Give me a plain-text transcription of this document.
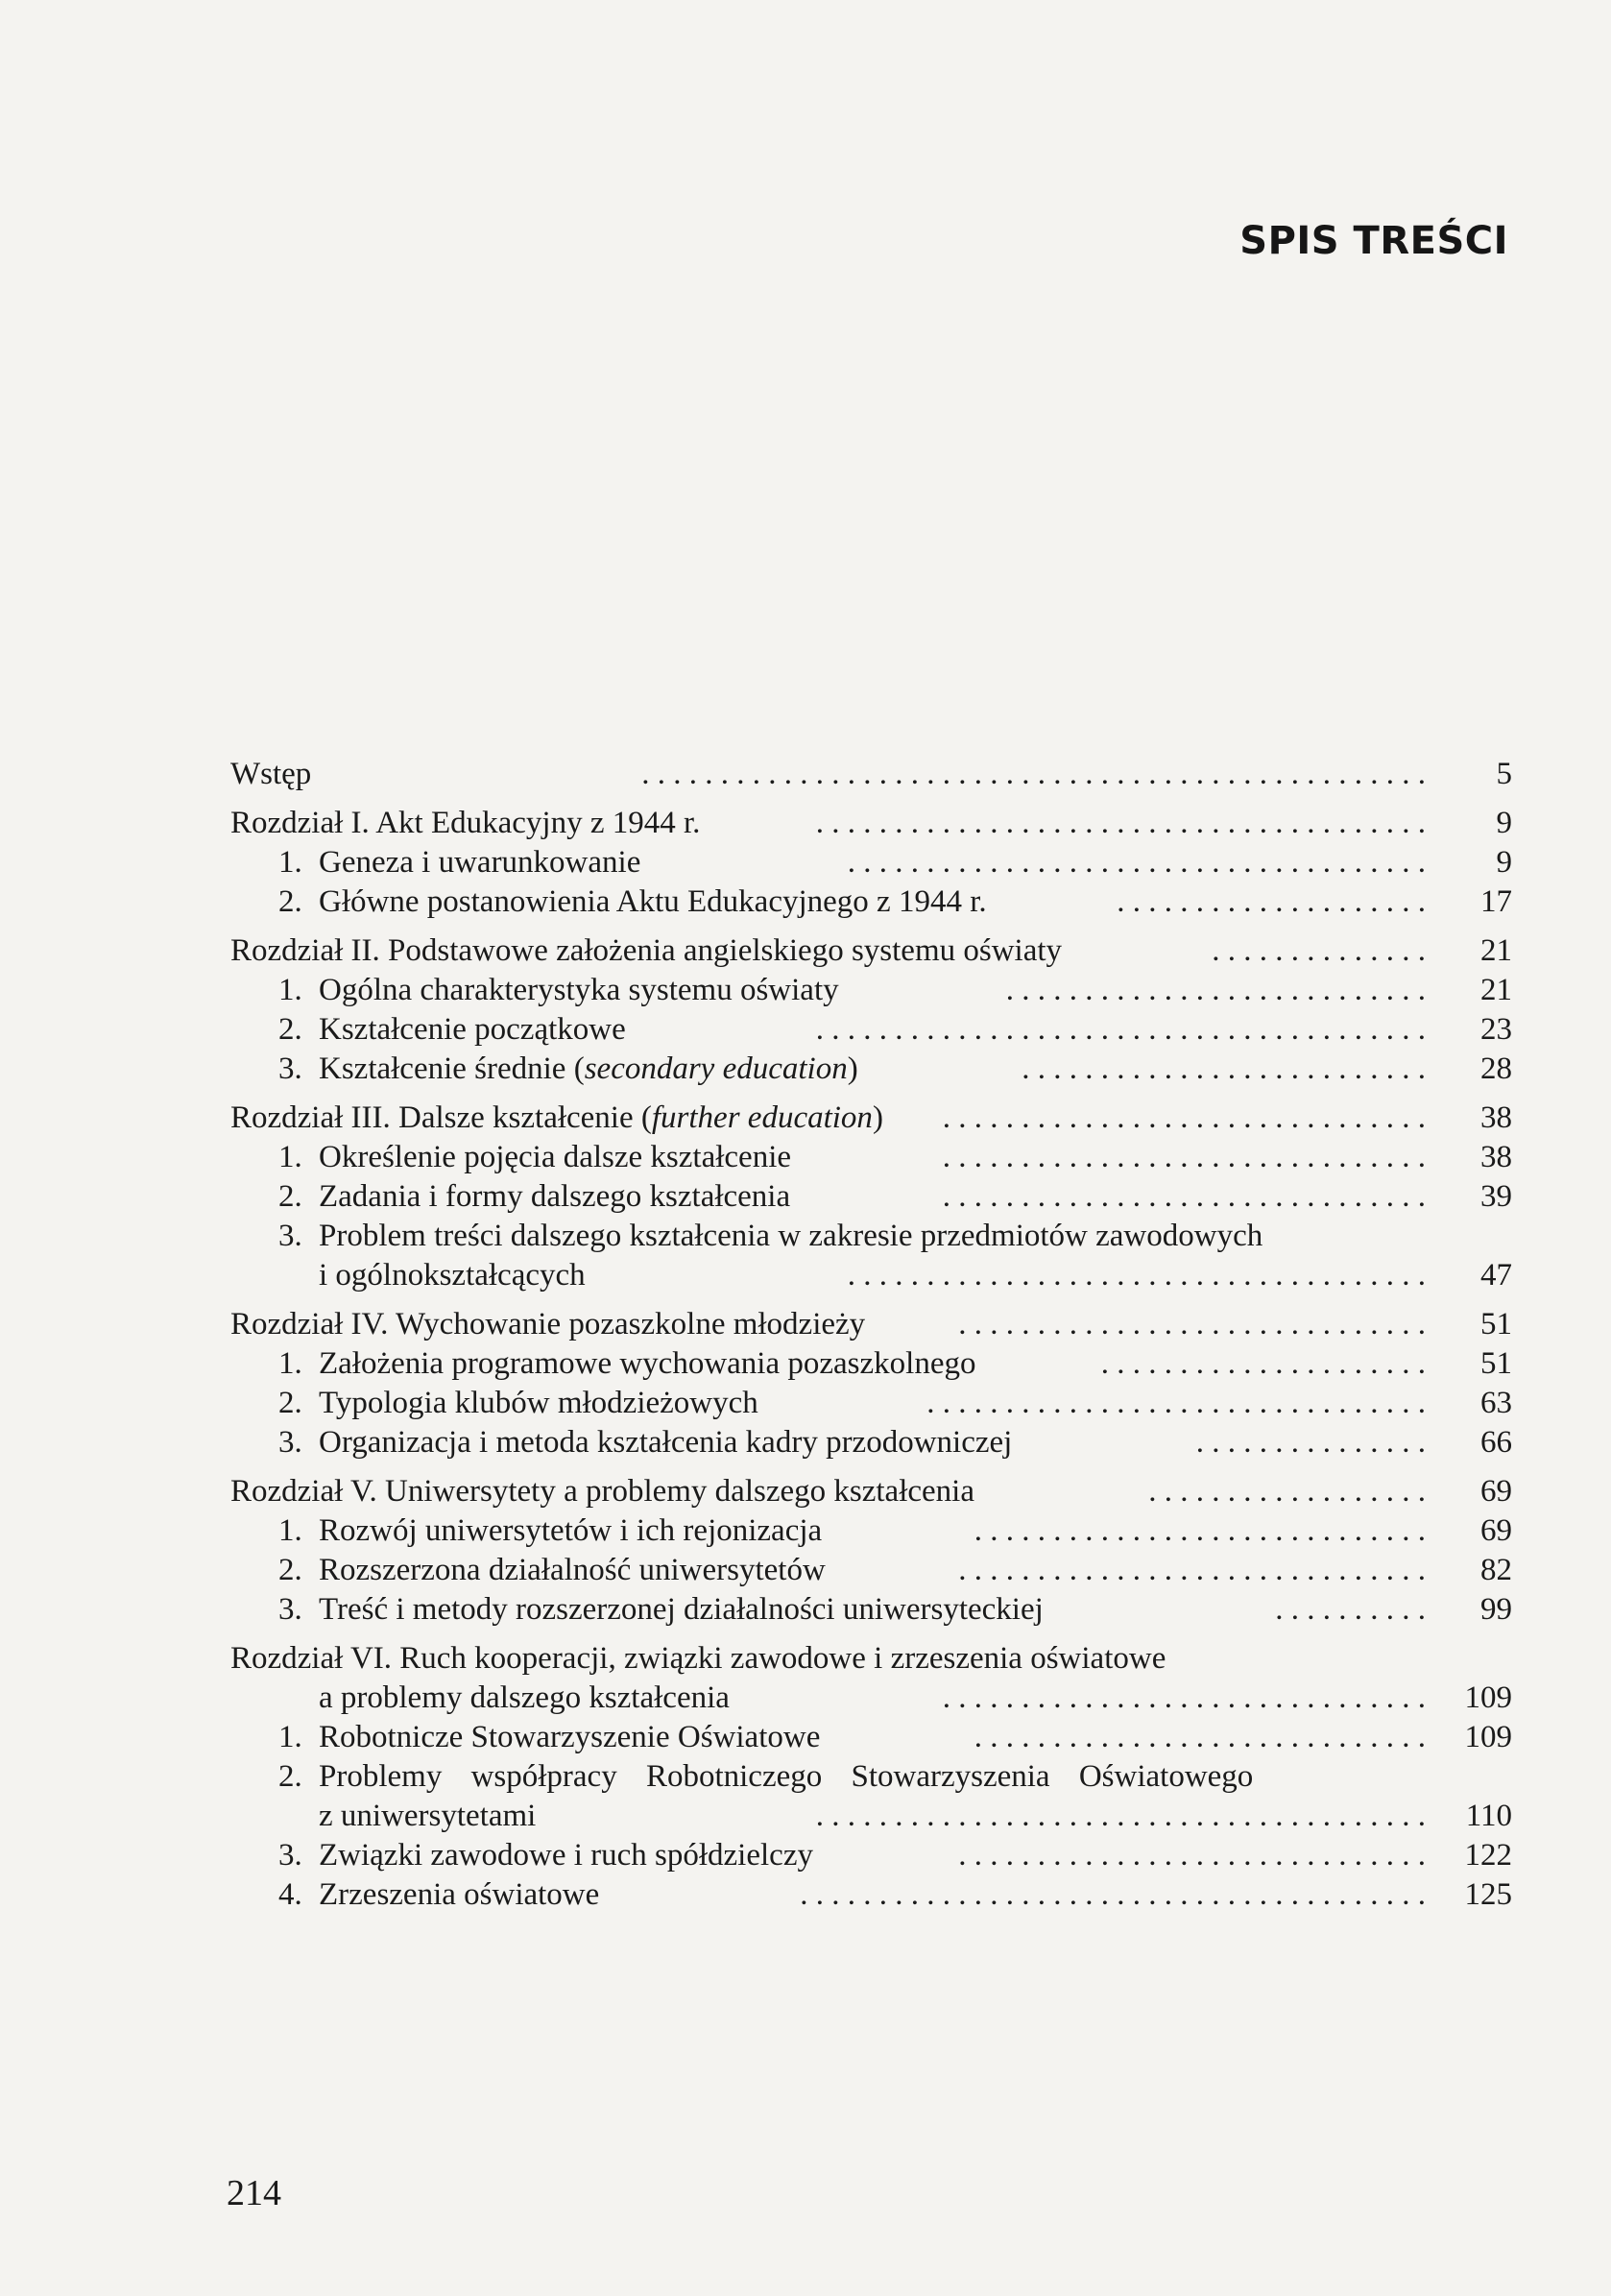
SPIS TREŚCI
Wstęp	. . . . . . . . . . . . . . . . . . . . . . . . . . . . . . . . . . . . . . . . . . . . . . . . . .	5
Rozdział I. Akt Edukacyjny z 1944 r.	. . . . . . . . . . . . . . . . . . . . . . . . . . . . . . . . . . . . . . .	9
1. Geneza i uwarunkowanie	. . . . . . . . . . . . . . . . . . . . . . . . . . . . . . . . . . . . .	9
2. Główne postanowienia Aktu Edukacyjnego z 1944 r.	. . . . . . . . . . . . . . . . . . . .	17
Rozdział II. Podstawowe założenia angielskiego systemu oświaty	. . . . . . . . . . . . . .	21
1. Ogólna charakterystyka systemu oświaty	. . . . . . . . . . . . . . . . . . . . . . . . . . .	21
2. Kształcenie początkowe	. . . . . . . . . . . . . . . . . . . . . . . . . . . . . . . . . . . . . . .	23
3. Kształcenie średnie (secondary education)	. . . . . . . . . . . . . . . . . . . . . . . . . .	28
Rozdział III. Dalsze kształcenie (further education)	. . . . . . . . . . . . . . . . . . . . . . . . . . . . . . .	38
1. Określenie pojęcia dalsze kształcenie	. . . . . . . . . . . . . . . . . . . . . . . . . . . . . . .	38
2. Zadania i formy dalszego kształcenia	. . . . . . . . . . . . . . . . . . . . . . . . . . . . . . .	39
3. Problem treści dalszego kształcenia w zakresie przedmiotów zawodowych
i ogólnokształcących	. . . . . . . . . . . . . . . . . . . . . . . . . . . . . . . . . . . . .	47
Rozdział IV. Wychowanie pozaszkolne młodzieży	. . . . . . . . . . . . . . . . . . . . . . . . . . . . . .	51
1. Założenia programowe wychowania pozaszkolnego	. . . . . . . . . . . . . . . . . . . . .	51
2. Typologia klubów młodzieżowych	. . . . . . . . . . . . . . . . . . . . . . . . . . . . . . . .	63
3. Organizacja i metoda kształcenia kadry przodowniczej	. . . . . . . . . . . . . . .	66
Rozdział V. Uniwersytety a problemy dalszego kształcenia	. . . . . . . . . . . . . . . . . .	69
1. Rozwój uniwersytetów i ich rejonizacja	. . . . . . . . . . . . . . . . . . . . . . . . . . . . .	69
2. Rozszerzona działalność uniwersytetów	. . . . . . . . . . . . . . . . . . . . . . . . . . . . . .	82
3. Treść i metody rozszerzonej działalności uniwersyteckiej	. . . . . . . . . .	99
Rozdział VI. Ruch kooperacji, związki zawodowe i zrzeszenia oświatowe
a problemy dalszego kształcenia	. . . . . . . . . . . . . . . . . . . . . . . . . . . . . . .	109
1. Robotnicze Stowarzyszenie Oświatowe	. . . . . . . . . . . . . . . . . . . . . . . . . . . . .	109
2. Problemy współpracy Robotniczego Stowarzyszenia Oświatowego
z uniwersytetami	. . . . . . . . . . . . . . . . . . . . . . . . . . . . . . . . . . . . . . .	110
3. Związki zawodowe i ruch spółdzielczy	. . . . . . . . . . . . . . . . . . . . . . . . . . . . . .	122
4. Zrzeszenia oświatowe	. . . . . . . . . . . . . . . . . . . . . . . . . . . . . . . . . . . . . . . .	125

214
